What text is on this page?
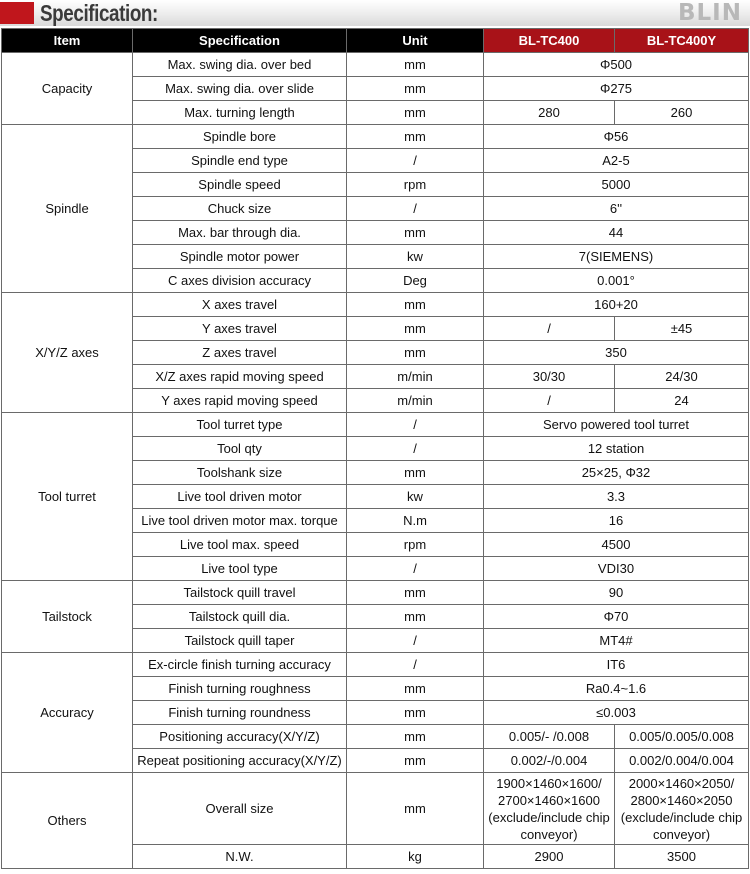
Specification:	BLIN
Item	Specification	Unit	BL-TC400	BL-TC400Y
Capacity	Max. swing dia. over bed	mm	Φ500	
	Max. swing dia. over slide	mm	Φ275	
	Max. turning length	mm	280	260
Spindle	Spindle bore	mm	Φ56	
	Spindle end type	/	A2-5	
	Spindle speed	rpm	5000	
	Chuck size	/	6''	
	Max. bar through dia.	mm	44	
	Spindle motor power	kw	7(SIEMENS)	
	C axes division accuracy	Deg	0.001°	
X/Y/Z axes	X axes travel	mm	160+20	
	Y axes travel	mm	/	±45
	Z axes travel	mm	350	
	X/Z axes rapid moving speed	m/min	30/30	24/30
	Y axes rapid moving speed	m/min	/	24
Tool turret	Tool turret type	/	Servo powered tool turret	
	Tool qty	/	12 station	
	Toolshank size	mm	25×25, Φ32	
	Live tool driven motor	kw	3.3	
	Live tool driven motor max. torque	N.m	16	
	Live tool max. speed	rpm	4500	
	Live tool type	/	VDI30	
Tailstock	Tailstock quill travel	mm	90	
	Tailstock quill dia.	mm	Φ70	
	Tailstock quill taper	/	MT4#	
Accuracy	Ex-circle finish turning accuracy	/	IT6	
	Finish turning roughness	mm	Ra0.4~1.6	
	Finish turning roundness	mm	≤0.003	
	Positioning accuracy(X/Y/Z)	mm	0.005/- /0.008	0.005/0.005/0.008
	Repeat positioning accuracy(X/Y/Z)	mm	0.002/-/0.004	0.002/0.004/0.004
Others	Overall size	mm	1900×1460×1600/ 2700×1460×1600 (exclude/include chip conveyor)	2000×1460×2050/ 2800×1460×2050 (exclude/include chip conveyor)
	N.W.	kg	2900	3500
